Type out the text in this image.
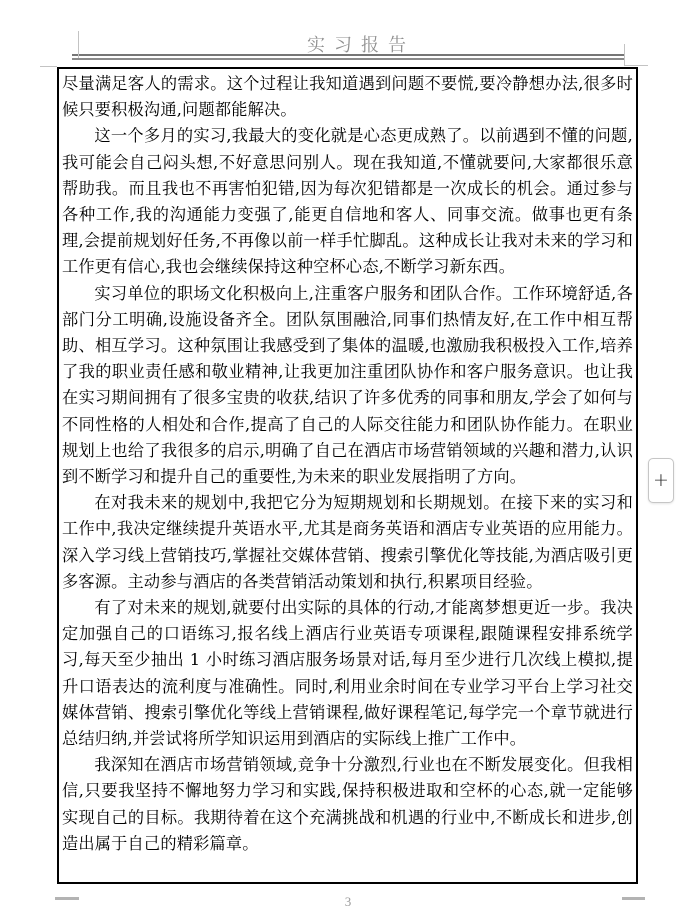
实习报告

尽量满足客人的需求。这个过程让我知道遇到问题不要慌,要冷静想办法,很多时候只要积极沟通,问题都能解决。

这一个多月的实习,我最大的变化就是心态更成熟了。以前遇到不懂的问题,我可能会自己闷头想,不好意思问别人。现在我知道,不懂就要问,大家都很乐意帮助我。而且我也不再害怕犯错,因为每次犯错都是一次成长的机会。通过参与各种工作,我的沟通能力变强了,能更自信地和客人、同事交流。做事也更有条理,会提前规划好任务,不再像以前一样手忙脚乱。这种成长让我对未来的学习和工作更有信心,我也会继续保持这种空杯心态,不断学习新东西。

实习单位的职场文化积极向上,注重客户服务和团队合作。工作环境舒适,各部门分工明确,设施设备齐全。团队氛围融洽,同事们热情友好,在工作中相互帮助、相互学习。这种氛围让我感受到了集体的温暖,也激励我积极投入工作,培养了我的职业责任感和敬业精神,让我更加注重团队协作和客户服务意识。也让我在实习期间拥有了很多宝贵的收获,结识了许多优秀的同事和朋友,学会了如何与不同性格的人相处和合作,提高了自己的人际交往能力和团队协作能力。在职业规划上也给了我很多的启示,明确了自己在酒店市场营销领域的兴趣和潜力,认识到不断学习和提升自己的重要性,为未来的职业发展指明了方向。

在对我未来的规划中,我把它分为短期规划和长期规划。在接下来的实习和工作中,我决定继续提升英语水平,尤其是商务英语和酒店专业英语的应用能力。深入学习线上营销技巧,掌握社交媒体营销、搜索引擎优化等技能,为酒店吸引更多客源。主动参与酒店的各类营销活动策划和执行,积累项目经验。

有了对未来的规划,就要付出实际的具体的行动,才能离梦想更近一步。我决定加强自己的口语练习,报名线上酒店行业英语专项课程,跟随课程安排系统学习,每天至少抽出 1 小时练习酒店服务场景对话,每月至少进行几次线上模拟,提升口语表达的流利度与准确性。同时,利用业余时间在专业学习平台上学习社交媒体营销、搜索引擎优化等线上营销课程,做好课程笔记,每学完一个章节就进行总结归纳,并尝试将所学知识运用到酒店的实际线上推广工作中。

我深知在酒店市场营销领域,竞争十分激烈,行业也在不断发展变化。但我相信,只要我坚持不懈地努力学习和实践,保持积极进取和空杯的心态,就一定能够实现自己的目标。我期待着在这个充满挑战和机遇的行业中,不断成长和进步,创造出属于自己的精彩篇章。

+
3
